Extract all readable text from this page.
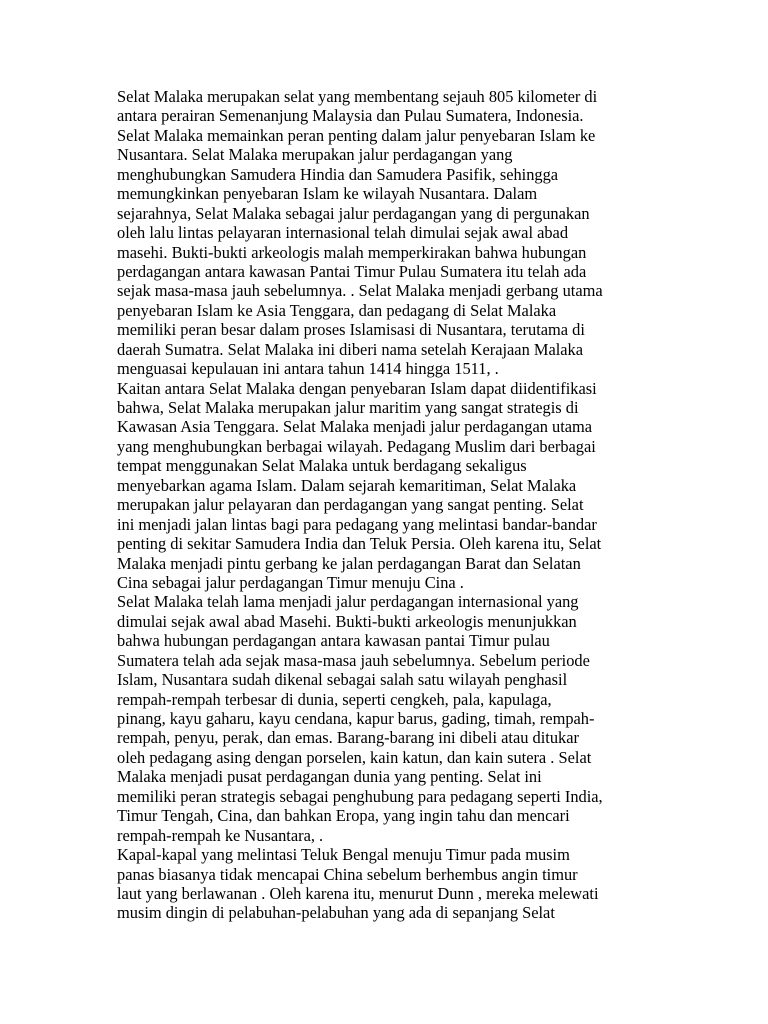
Selat Malaka merupakan selat yang membentang sejauh 805 kilometer di
antara perairan Semenanjung Malaysia dan Pulau Sumatera, Indonesia.
Selat Malaka memainkan peran penting dalam jalur penyebaran Islam ke
Nusantara. Selat Malaka merupakan jalur perdagangan yang
menghubungkan Samudera Hindia dan Samudera Pasifik, sehingga
memungkinkan penyebaran Islam ke wilayah Nusantara. Dalam
sejarahnya, Selat Malaka sebagai jalur perdagangan yang di pergunakan
oleh lalu lintas pelayaran internasional telah dimulai sejak awal abad
masehi. Bukti-bukti arkeologis malah memperkirakan bahwa hubungan
perdagangan antara kawasan Pantai Timur Pulau Sumatera itu telah ada
sejak masa-masa jauh sebelumnya. . Selat Malaka menjadi gerbang utama
penyebaran Islam ke Asia Tenggara, dan pedagang di Selat Malaka
memiliki peran besar dalam proses Islamisasi di Nusantara, terutama di
daerah Sumatra. Selat Malaka ini diberi nama setelah Kerajaan Malaka
menguasai kepulauan ini antara tahun 1414 hingga 1511, .
Kaitan antara Selat Malaka dengan penyebaran Islam dapat diidentifikasi
bahwa, Selat Malaka merupakan jalur maritim yang sangat strategis di
Kawasan Asia Tenggara. Selat Malaka menjadi jalur perdagangan utama
yang menghubungkan berbagai wilayah. Pedagang Muslim dari berbagai
tempat menggunakan Selat Malaka untuk berdagang sekaligus
menyebarkan agama Islam. Dalam sejarah kemaritiman, Selat Malaka
merupakan jalur pelayaran dan perdagangan yang sangat penting. Selat
ini menjadi jalan lintas bagi para pedagang yang melintasi bandar-bandar
penting di sekitar Samudera India dan Teluk Persia. Oleh karena itu, Selat
Malaka menjadi pintu gerbang ke jalan perdagangan Barat dan Selatan
Cina sebagai jalur perdagangan Timur menuju Cina .
Selat Malaka telah lama menjadi jalur perdagangan internasional yang
dimulai sejak awal abad Masehi. Bukti-bukti arkeologis menunjukkan
bahwa hubungan perdagangan antara kawasan pantai Timur pulau
Sumatera telah ada sejak masa-masa jauh sebelumnya. Sebelum periode
Islam, Nusantara sudah dikenal sebagai salah satu wilayah penghasil
rempah-rempah terbesar di dunia, seperti cengkeh, pala, kapulaga,
pinang, kayu gaharu, kayu cendana, kapur barus, gading, timah, rempah-
rempah, penyu, perak, dan emas. Barang-barang ini dibeli atau ditukar
oleh pedagang asing dengan porselen, kain katun, dan kain sutera . Selat
Malaka menjadi pusat perdagangan dunia yang penting. Selat ini
memiliki peran strategis sebagai penghubung para pedagang seperti India,
Timur Tengah, Cina, dan bahkan Eropa, yang ingin tahu dan mencari
rempah-rempah ke Nusantara, .
Kapal-kapal yang melintasi Teluk Bengal menuju Timur pada musim
panas biasanya tidak mencapai China sebelum berhembus angin timur
laut yang berlawanan . Oleh karena itu, menurut Dunn , mereka melewati
musim dingin di pelabuhan-pelabuhan yang ada di sepanjang Selat
